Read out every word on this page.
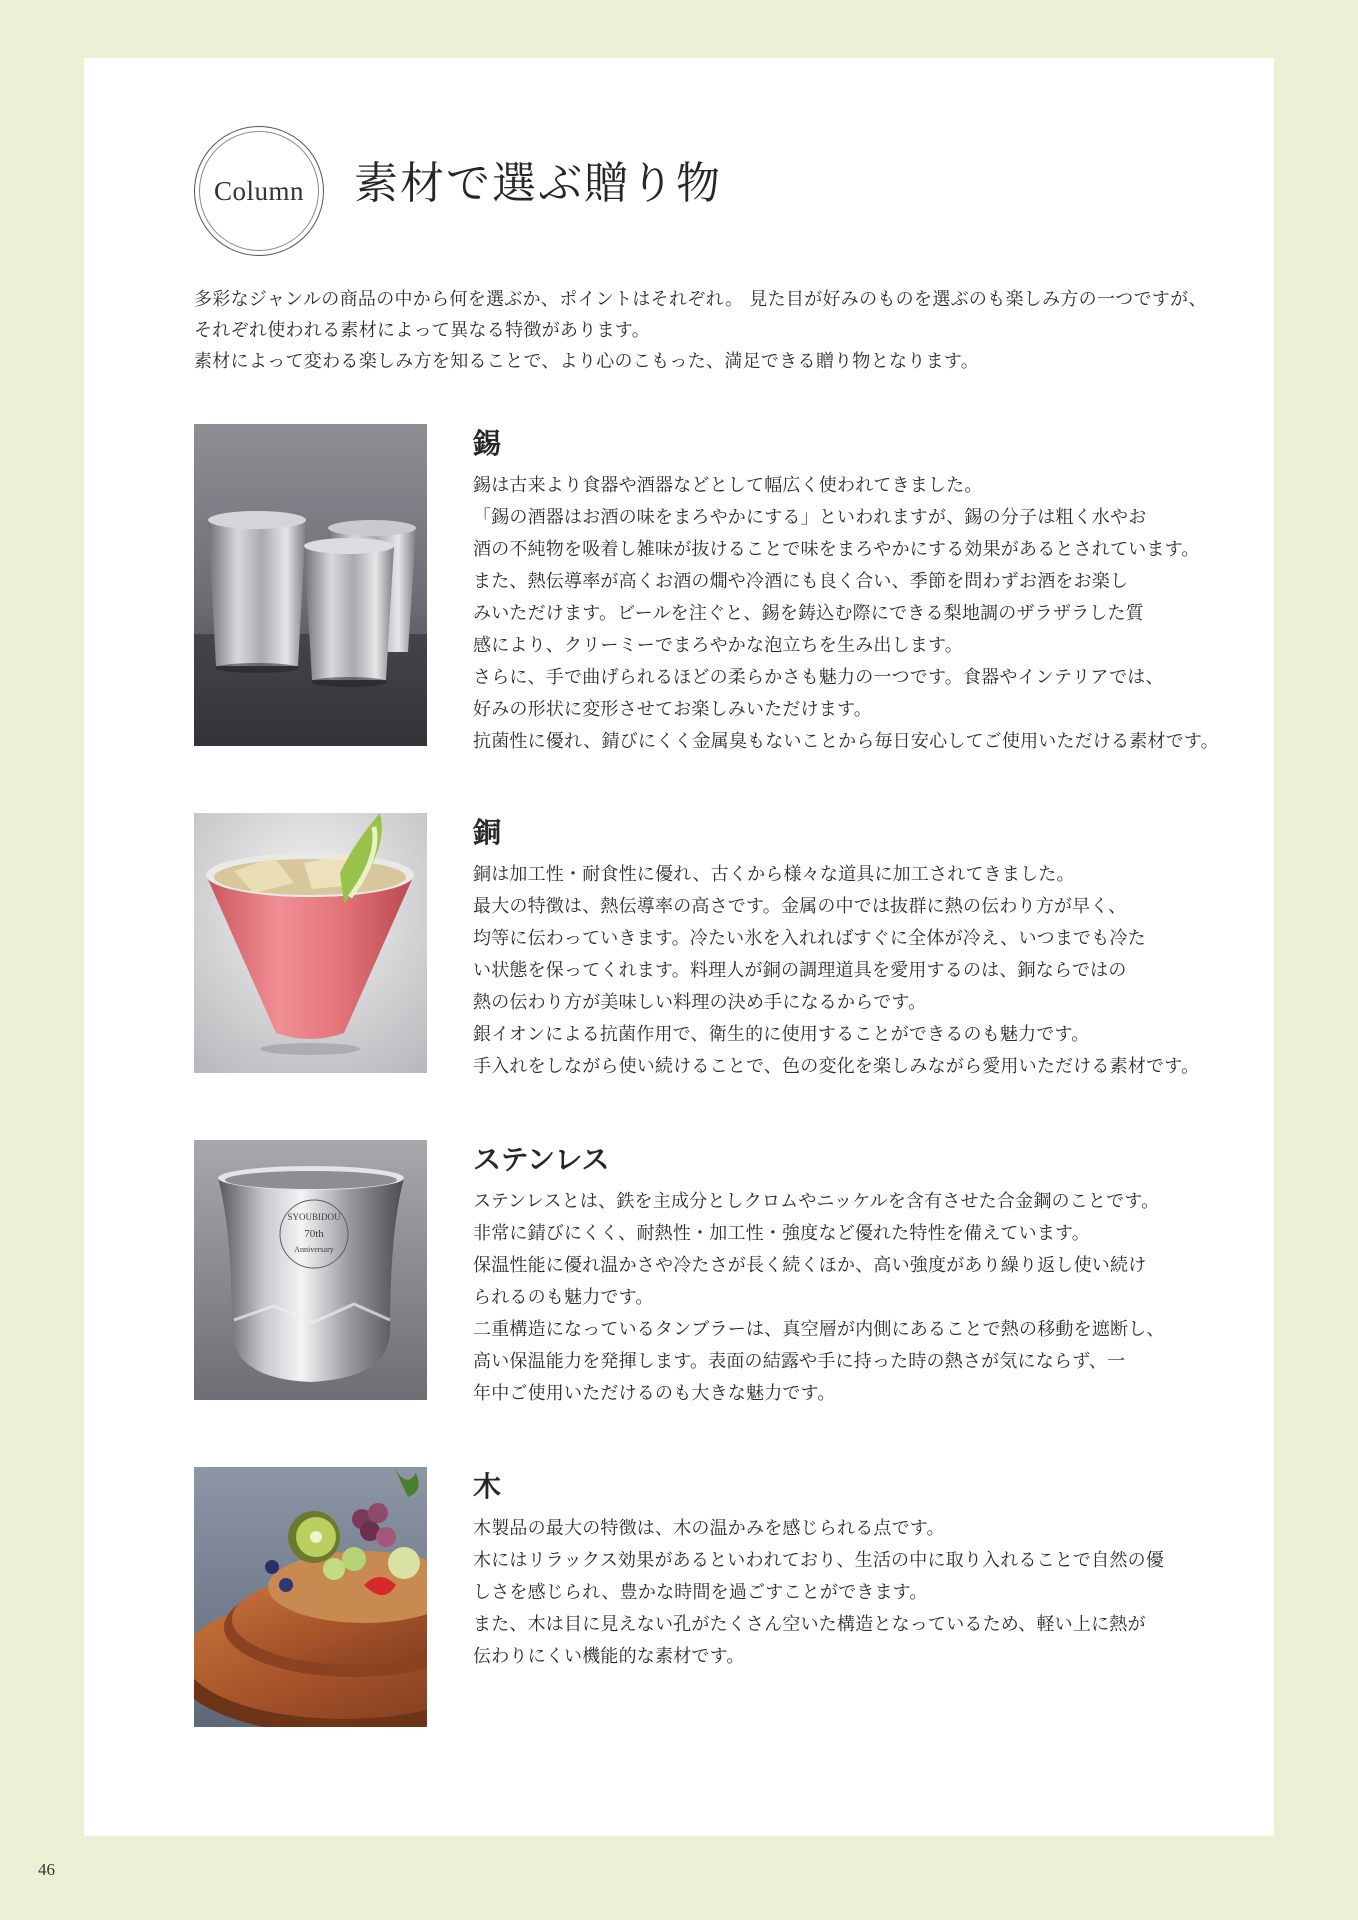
Column 素材で選ぶ贈り物

多彩なジャンルの商品の中から何を選ぶか、ポイントはそれぞれ。 見た目が好みのものを選ぶのも楽しみ方の一つですが、

それぞれ使われる素材によって異なる特徴があります。

素材によって変わる楽しみ方を知ることで、より心のこもった、満足できる贈り物となります。

錫

錫は古来より食器や酒器などとして幅広く使われてきました。

「錫の酒器はお酒の味をまろやかにする」といわれますが、錫の分子は粗く水やお

酒の不純物を吸着し雑味が抜けることで味をまろやかにする効果があるとされています。

また、熱伝導率が高くお酒の燗や冷酒にも良く合い、季節を問わずお酒をお楽し

みいただけます。ビールを注ぐと、錫を鋳込む際にできる梨地調のザラザラした質

感により、クリーミーでまろやかな泡立ちを生み出します。

さらに、手で曲げられるほどの柔らかさも魅力の一つです。食器やインテリアでは、

好みの形状に変形させてお楽しみいただけます。

抗菌性に優れ、錆びにくく金属臭もないことから毎日安心してご使用いただける素材です。

銅

銅は加工性・耐食性に優れ、古くから様々な道具に加工されてきました。

最大の特徴は、熱伝導率の高さです。金属の中では抜群に熱の伝わり方が早く、

均等に伝わっていきます。冷たい氷を入れればすぐに全体が冷え、いつまでも冷た

い状態を保ってくれます。料理人が銅の調理道具を愛用するのは、銅ならではの

熱の伝わり方が美味しい料理の決め手になるからです。

銀イオンによる抗菌作用で、衛生的に使用することができるのも魅力です。

手入れをしながら使い続けることで、色の変化を楽しみながら愛用いただける素材です。

SYOUBIDOU
70th
Anniversary
ステンレス

ステンレスとは、鉄を主成分としクロムやニッケルを含有させた合金鋼のことです。

非常に錆びにくく、耐熱性・加工性・強度など優れた特性を備えています。

保温性能に優れ温かさや冷たさが長く続くほか、高い強度があり繰り返し使い続け

られるのも魅力です。

二重構造になっているタンブラーは、真空層が内側にあることで熱の移動を遮断し、

高い保温能力を発揮します。表面の結露や手に持った時の熱さが気にならず、一

年中ご使用いただけるのも大きな魅力です。

木

木製品の最大の特徴は、木の温かみを感じられる点です。

木にはリラックス効果があるといわれており、生活の中に取り入れることで自然の優

しさを感じられ、豊かな時間を過ごすことができます。

また、木は目に見えない孔がたくさん空いた構造となっているため、軽い上に熱が

伝わりにくい機能的な素材です。

46
